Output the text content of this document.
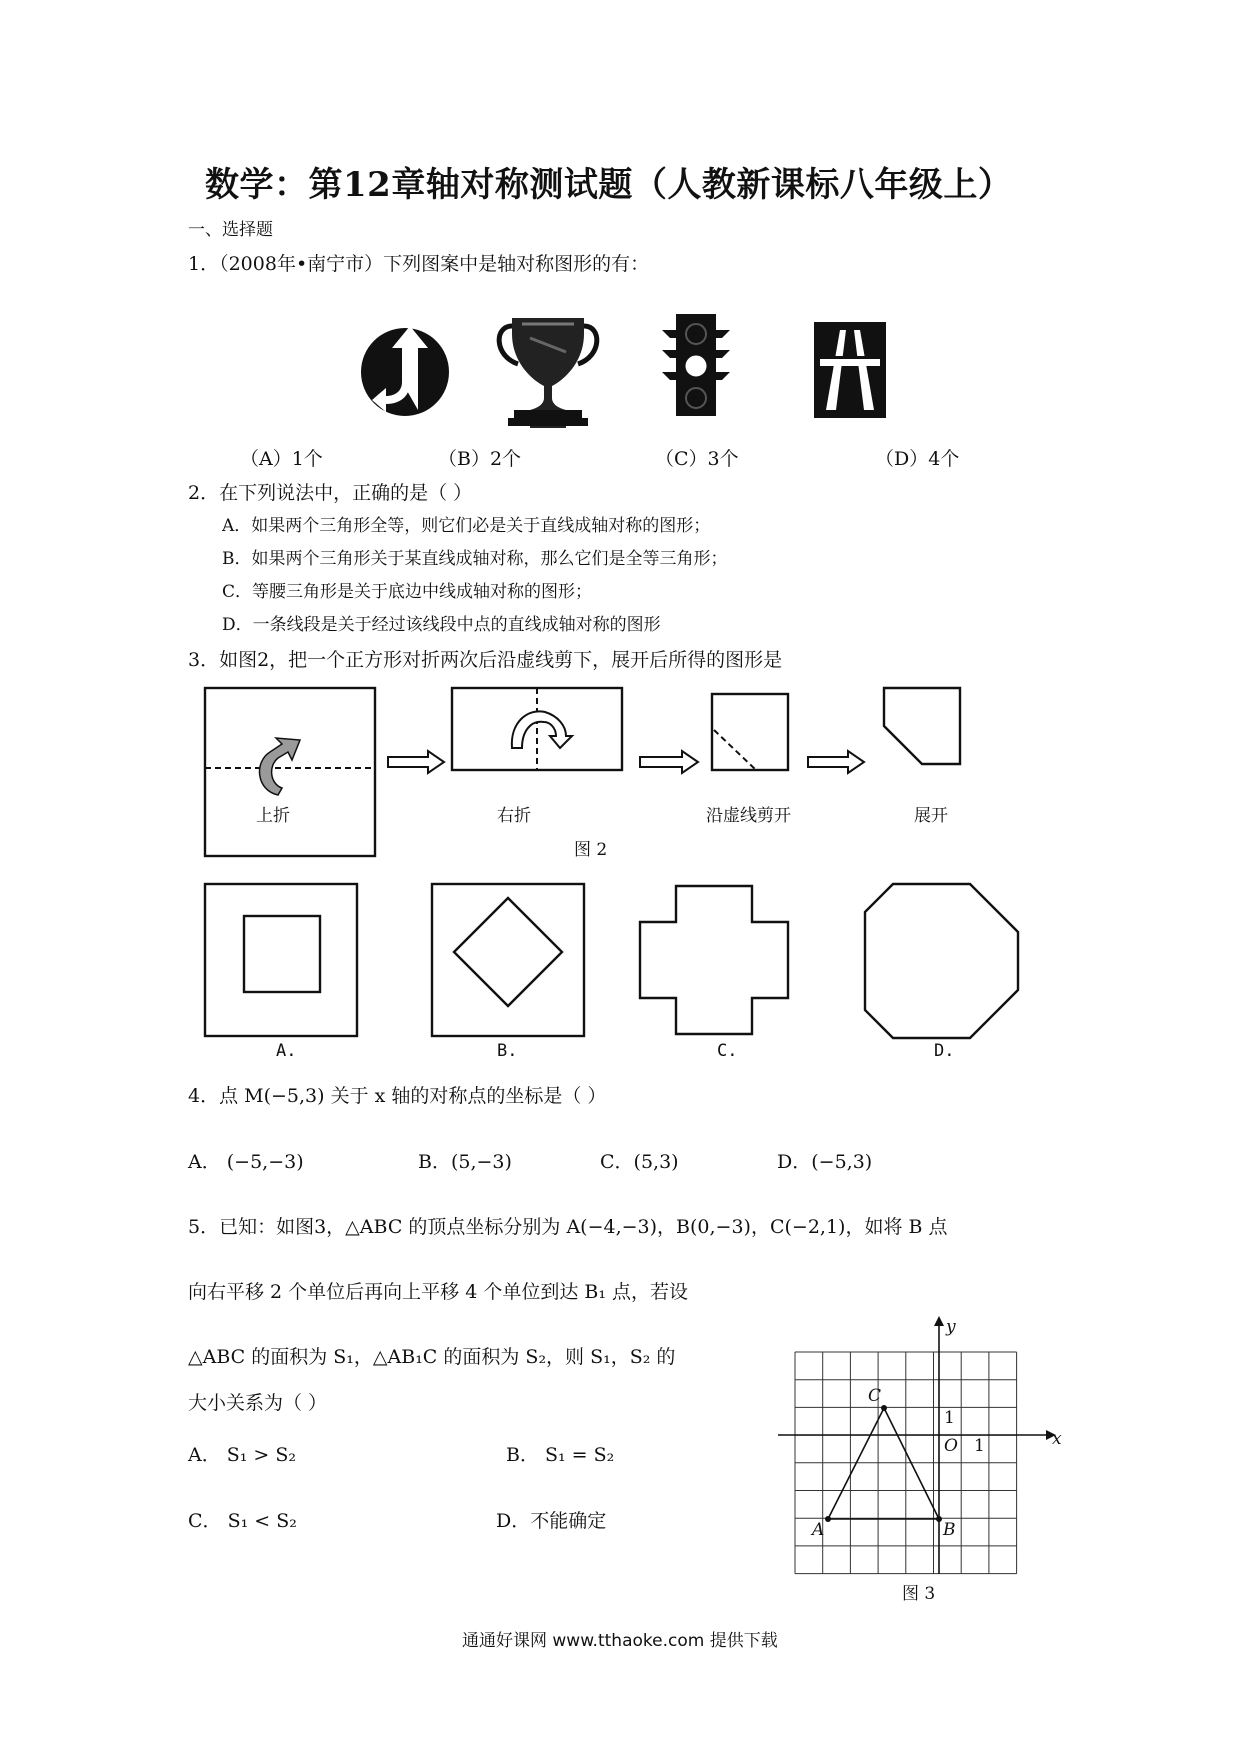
数学：第12章轴对称测试题（人教新课标八年级上）
一、选择题
1．（2008年•南宁市）下列图案中是轴对称图形的有：
（A）1个	（B）2个	（C）3个	（D）4个
2．在下列说法中，正确的是（ ）
A．如果两个三角形全等，则它们必是关于直线成轴对称的图形；
B．如果两个三角形关于某直线成轴对称，那么它们是全等三角形；
C．等腰三角形是关于底边中线成轴对称的图形；
D．一条线段是关于经过该线段中点的直线成轴对称的图形
3．如图2，把一个正方形对折两次后沿虚线剪下，展开后所得的图形是
上折	右折	沿虚线剪开	展开
图 2
A.	B.	C.	D.
4．点 M(−5,3) 关于 x 轴的对称点的坐标是（ ）
A． (−5,−3)	B．(5,−3)	C．(5,3)	D．(−5,3)
5．已知：如图3，△ABC 的顶点坐标分别为 A(−4,−3)，B(0,−3)，C(−2,1)，如将 B 点
向右平移 2 个单位后再向上平移 4 个单位到达 B₁ 点，若设
△ABC 的面积为 S₁，△AB₁C 的面积为 S₂，则 S₁，S₂ 的
大小关系为（ ）
A． S₁ > S₂	B． S₁ = S₂
C． S₁ < S₂	D．不能确定
y
x
O 1
1
A	B
C
图 3
通通好课网 www.tthaoke.com 提供下载
